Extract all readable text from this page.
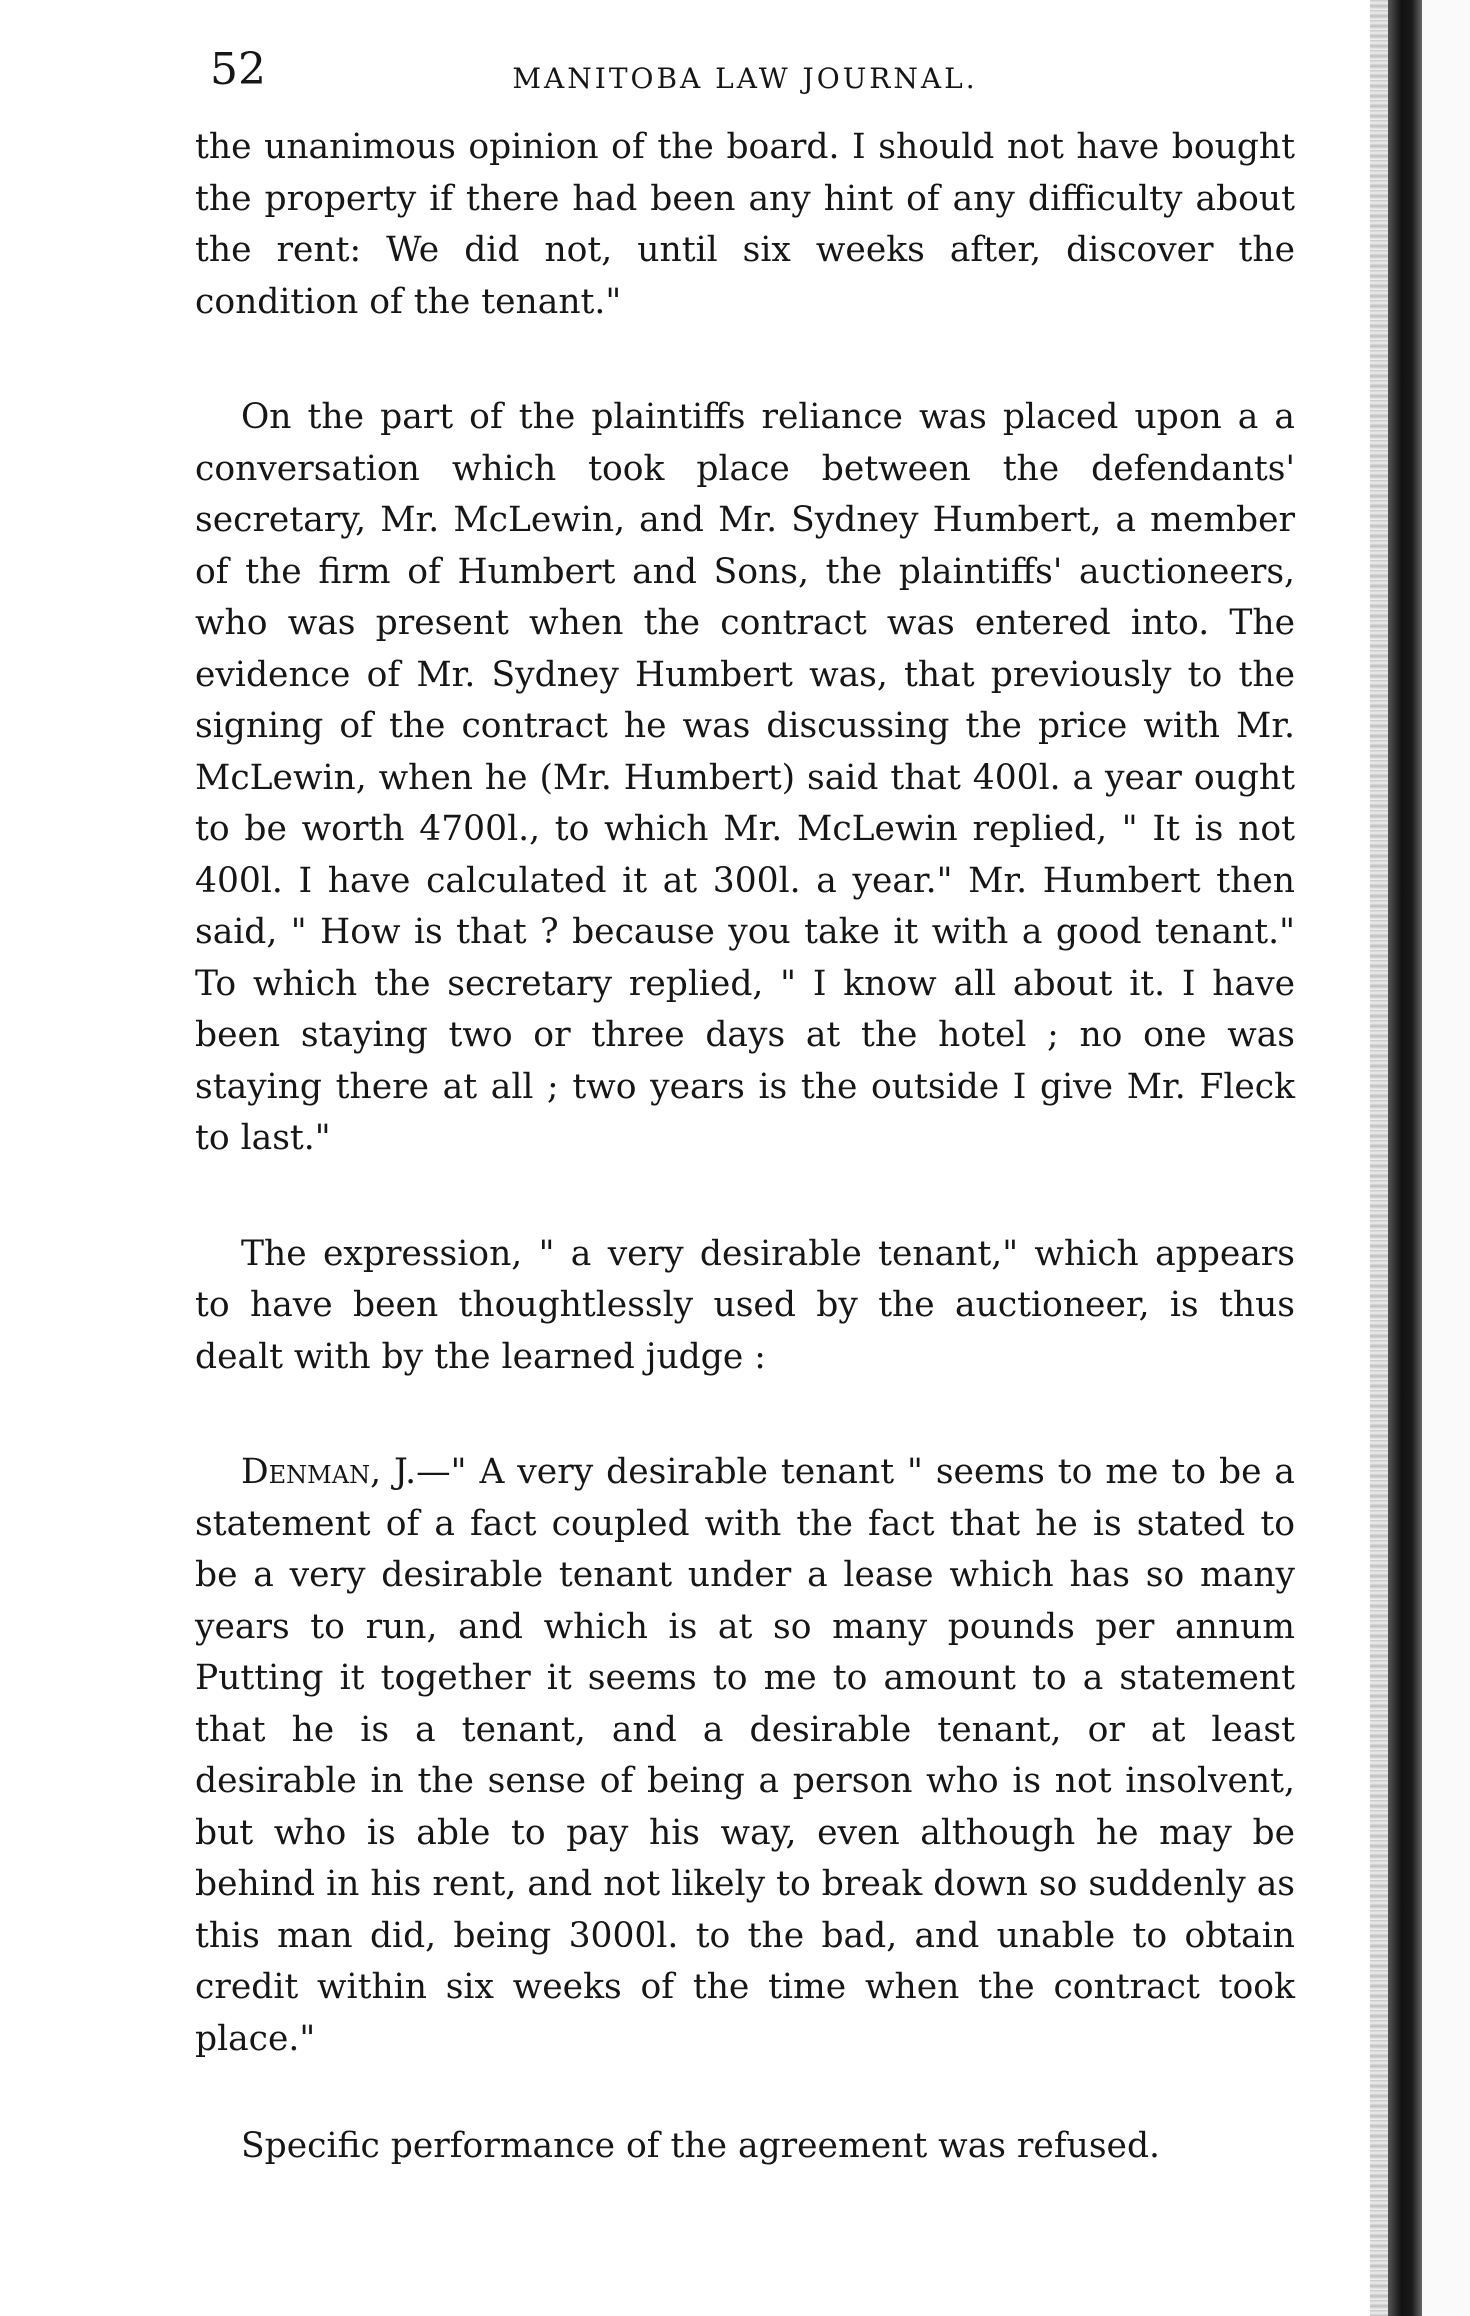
52	MANITOBA LAW JOURNAL.

the unanimous opinion of the board. I should not have bought the property if there had been any hint of any difficulty about the rent: We did not, until six weeks after, discover the condition of the tenant."

On the part of the plaintiffs reliance was placed upon a a conversation which took place between the defendants' secretary, Mr. McLewin, and Mr. Sydney Humbert, a member of the firm of Humbert and Sons, the plaintiffs' auctioneers, who was present when the contract was entered into. The evidence of Mr. Sydney Humbert was, that previously to the signing of the contract he was discussing the price with Mr. McLewin, when he (Mr. Humbert) said that 400l. a year ought to be worth 4700l., to which Mr. McLewin replied, " It is not 400l. I have calculated it at 300l. a year." Mr. Humbert then said, " How is that ? because you take it with a good tenant." To which the secretary replied, " I know all about it. I have been staying two or three days at the hotel ; no one was staying there at all ; two years is the outside I give Mr. Fleck to last."

The expression, " a very desirable tenant," which appears to have been thoughtlessly used by the auctioneer, is thus dealt with by the learned judge :

Denman, J.—" A very desirable tenant " seems to me to be a statement of a fact coupled with the fact that he is stated to be a very desirable tenant under a lease which has so many years to run, and which is at so many pounds per annum Putting it together it seems to me to amount to a statement that he is a tenant, and a desirable tenant, or at least desirable in the sense of being a person who is not insolvent, but who is able to pay his way, even although he may be behind in his rent, and not likely to break down so suddenly as this man did, being 3000l. to the bad, and unable to obtain credit within six weeks of the time when the contract took place."

Specific performance of the agreement was refused.
